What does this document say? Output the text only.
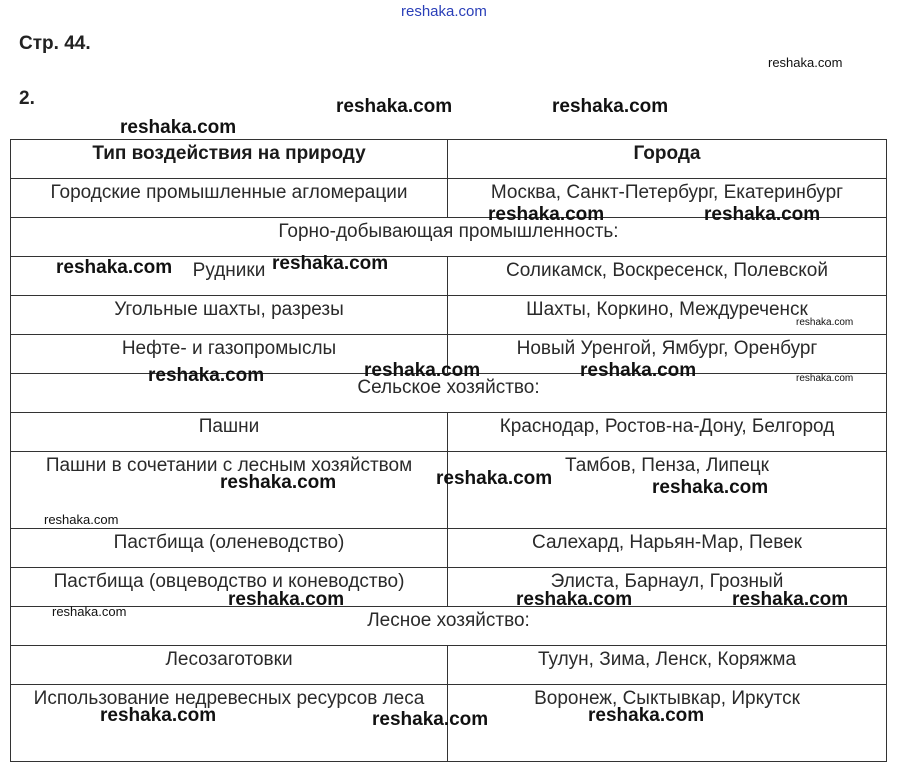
reshaka.com
Стр. 44.
2.
Тип воздействия на природу	Города
Городские промышленные агломерации	Москва, Санкт-Петербург, Екатеринбург
Горно-добывающая промышленность:	
Рудники	Соликамск, Воскресенск, Полевской
Угольные шахты, разрезы	Шахты, Коркино, Междуреченск
Нефте- и газопромыслы	Новый Уренгой, Ямбург, Оренбург
Сельское хозяйство:	
Пашни	Краснодар, Ростов-на-Дону, Белгород
Пашни в сочетании с лесным хозяйством	Тамбов, Пенза, Липецк
Пастбища (оленеводство)	Салехард, Нарьян-Мар, Певек
Пастбища (овцеводство и коневодство)	Элиста, Барнаул, Грозный
Лесное хозяйство:	
Лесозаготовки	Тулун, Зима, Ленск, Коряжма
Использование недревесных ресурсов леса	Воронеж, Сыктывкар, Иркутск
reshaka.com
reshaka.com	reshaka.com
reshaka.com
reshaka.com	reshaka.com
reshaka.com	reshaka.com
reshaka.com
reshaka.com	reshaka.com
reshaka.com	reshaka.com
reshaka.com
reshaka.com	reshaka.com
reshaka.com
reshaka.com	reshaka.com	reshaka.com
reshaka.com
reshaka.com	reshaka.com	reshaka.com
